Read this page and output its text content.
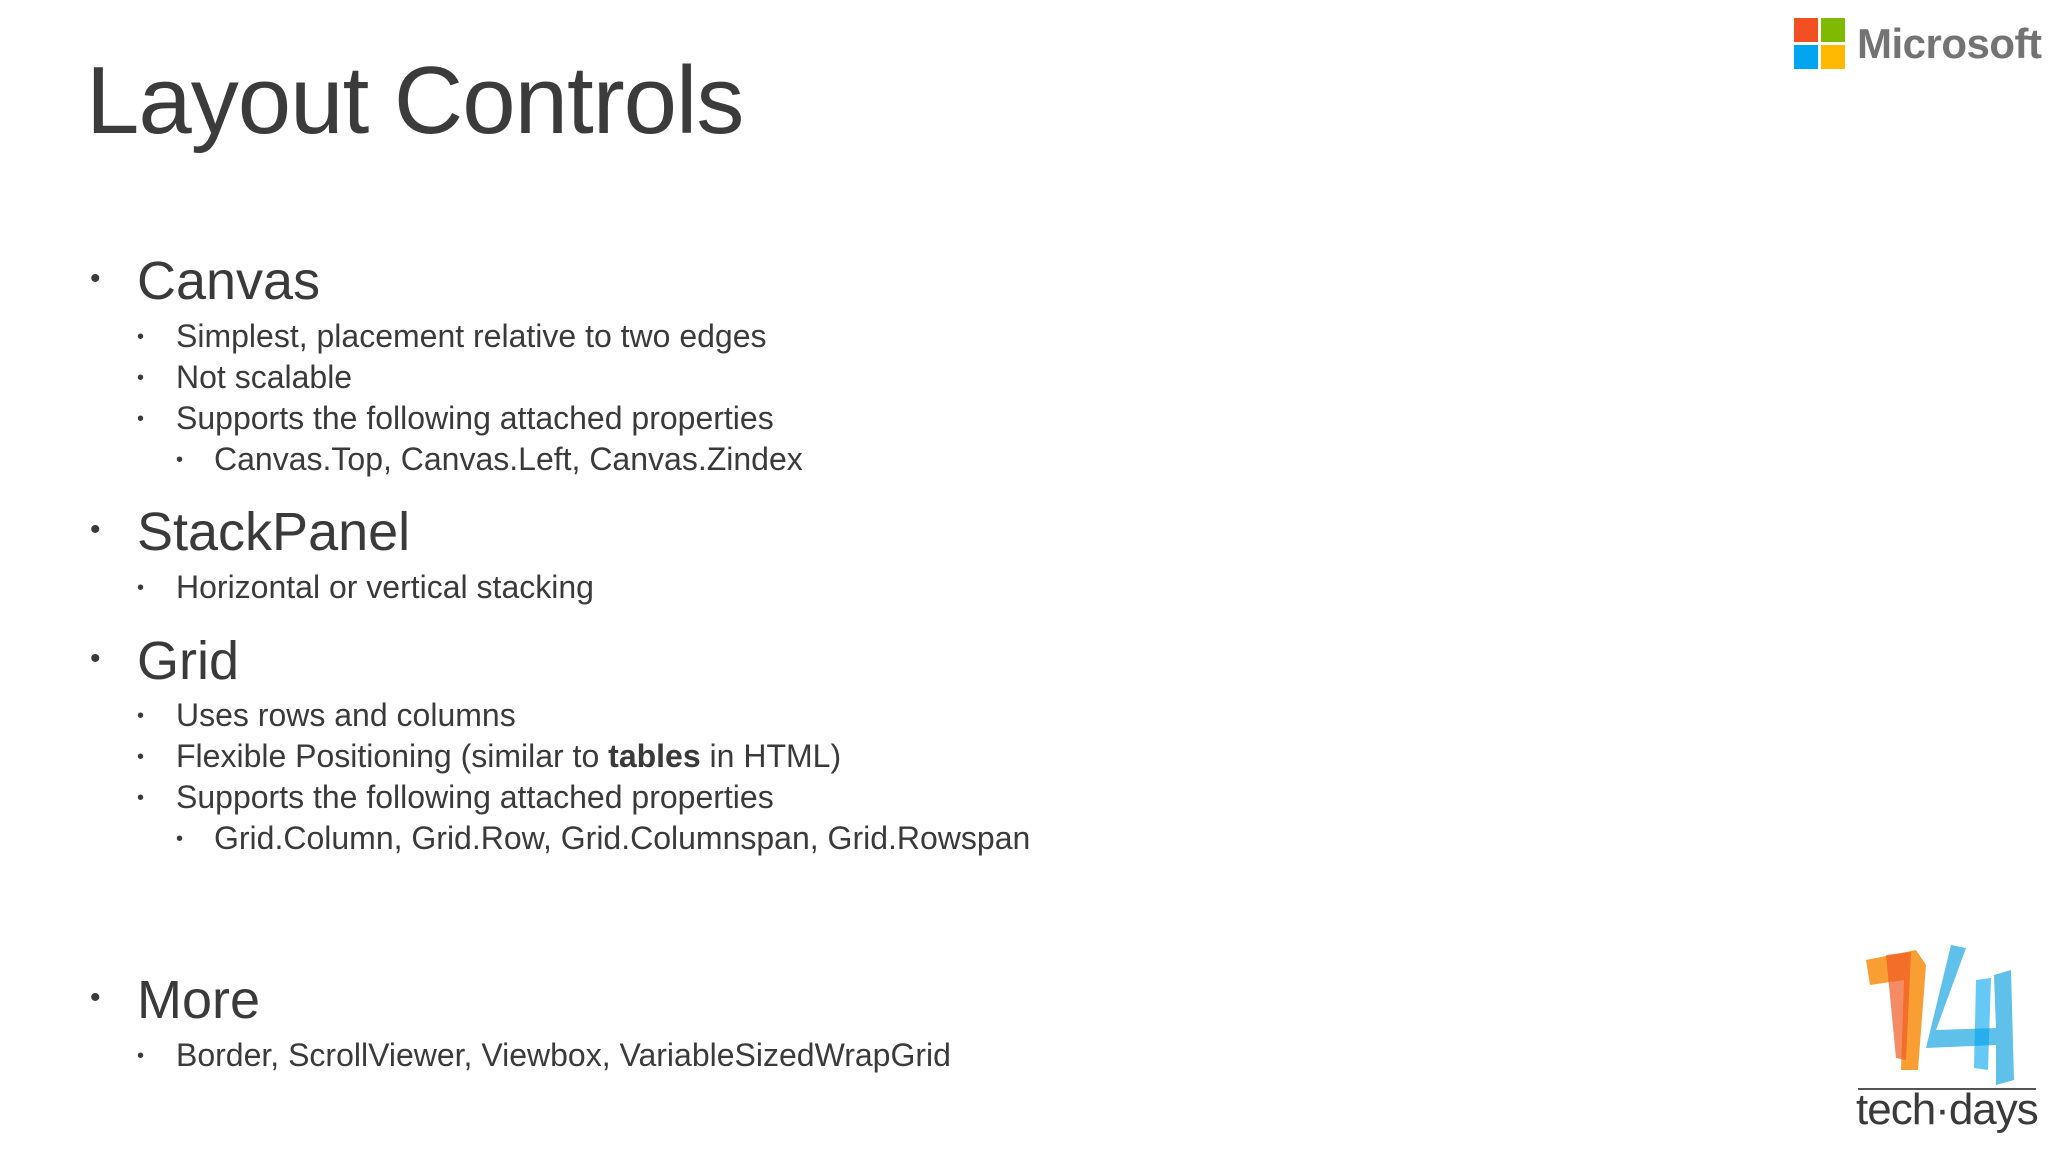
Layout Controls
Microsoft
• Canvas
• Simplest, placement relative to two edges
• Not scalable
• Supports the following attached properties
• Canvas.Top, Canvas.Left, Canvas.Zindex
• StackPanel
• Horizontal or vertical stacking
• Grid
• Uses rows and columns
• Flexible Positioning (similar to tables in HTML)
• Supports the following attached properties
• Grid.Column, Grid.Row, Grid.Columnspan, Grid.Rowspan
• More
• Border, ScrollViewer, Viewbox, VariableSizedWrapGrid
tech·days
